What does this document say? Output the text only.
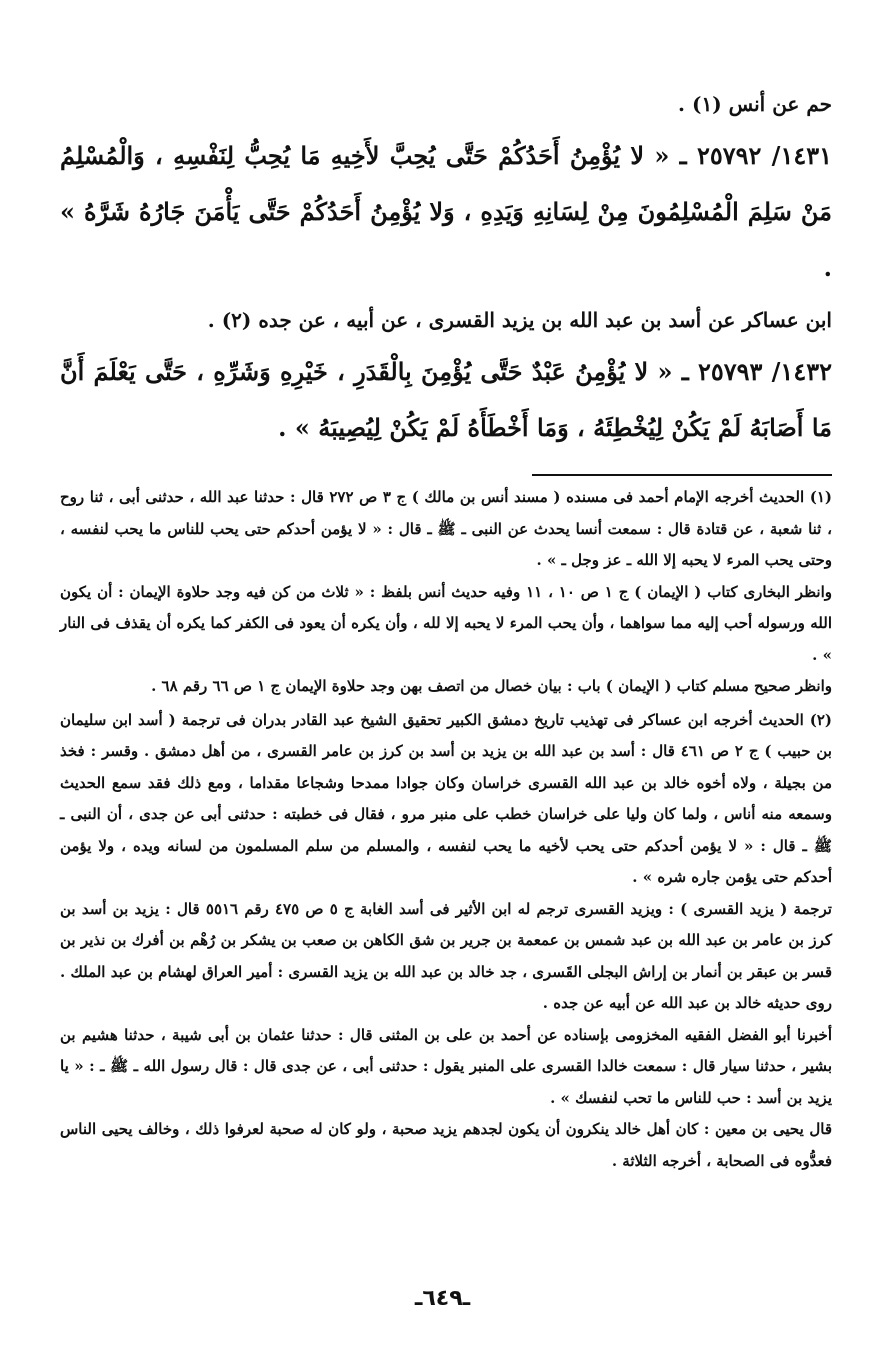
حم عن أنس (١) .

١٤٣١/ ٢٥٧٩٢ ـ « لا يُؤْمِنُ أَحَدُكُمْ حَتَّى يُحِبَّ لأَخِيهِ مَا يُحِبُّ لِنَفْسِهِ ، وَالْمُسْلِمُ مَنْ سَلِمَ الْمُسْلِمُونَ مِنْ لِسَانِهِ وَيَدِهِ ، وَلا يُؤْمِنُ أَحَدُكُمْ حَتَّى يَأْمَنَ جَارُهُ شَرَّهُ » .

ابن عساكر عن أسد بن عبد الله بن يزيد القسرى ، عن أبيه ، عن جده (٢) .

١٤٣٢/ ٢٥٧٩٣ ـ « لا يُؤْمِنُ عَبْدٌ حَتَّى يُؤْمِنَ بِالْقَدَرِ ، خَيْرِهِ وَشَرِّهِ ، حَتَّى يَعْلَمَ أَنَّ مَا أَصَابَهُ لَمْ يَكُنْ لِيُخْطِئَهُ ، وَمَا أَخْطَأَهُ لَمْ يَكُنْ لِيُصِيبَهُ » .

(١) الحديث أخرجه الإمام أحمد فى مسنده ( مسند أنس بن مالك ) ج ٣ ص ٢٧٢ قال : حدثنا عبد الله ، حدثنى أبى ، ثنا روح ، ثنا شعبة ، عن قتادة قال : سمعت أنسا يحدث عن النبى ـ ﷺ ـ قال : « لا يؤمن أحدكم حتى يحب للناس ما يحب لنفسه ، وحتى يحب المرء لا يحبه إلا الله ـ عز وجل ـ » .

وانظر البخارى كتاب ( الإيمان ) ج ١ ص ١٠ ، ١١ وفيه حديث أنس بلفظ : « ثلاث من كن فيه وجد حلاوة الإيمان : أن يكون الله ورسوله أحب إليه مما سواهما ، وأن يحب المرء لا يحبه إلا لله ، وأن يكره أن يعود فى الكفر كما يكره أن يقذف فى النار » .

وانظر صحيح مسلم كتاب ( الإيمان ) باب : بيان خصال من اتصف بهن وجد حلاوة الإيمان ج ١ ص ٦٦ رقم ٦٨ .

(٢) الحديث أخرجه ابن عساكر فى تهذيب تاريخ دمشق الكبير تحقيق الشيخ عبد القادر بدران فى ترجمة ( أسد ابن سليمان بن حبيب ) ج ٢ ص ٤٦١ قال : أسد بن عبد الله بن يزيد بن أسد بن كرز بن عامر القسرى ، من أهل دمشق . وقسر : فخذ من بجيلة ، ولاه أخوه خالد بن عبد الله القسرى خراسان وكان جوادا ممدحا وشجاعا مقداما ، ومع ذلك فقد سمع الحديث وسمعه منه أناس ، ولما كان وليا على خراسان خطب على منبر مرو ، فقال فى خطبته : حدثنى أبى عن جدى ، أن النبى ـ ﷺ ـ قال : « لا يؤمن أحدكم حتى يحب لأخيه ما يحب لنفسه ، والمسلم من سلم المسلمون من لسانه ويده ، ولا يؤمن أحدكم حتى يؤمن جاره شره » .

ترجمة ( يزيد القسرى ) : ويزيد القسرى ترجم له ابن الأثير فى أسد الغابة ج ٥ ص ٤٧٥ رقم ٥٥١٦ قال : يزيد بن أسد بن كرز بن عامر بن عبد الله بن عبد شمس بن عمعمة بن جرير بن شق الكاهن بن صعب بن يشكر بن رُهْم بن أفرك بن نذير بن قسر بن عبقر بن أنمار بن إراش البجلى القَسرى ، جد خالد بن عبد الله بن يزيد القسرى : أمير العراق لهشام بن عبد الملك . روى حديثه خالد بن عبد الله عن أبيه عن جده .

أخبرنا أبو الفضل الفقيه المخزومى بإسناده عن أحمد بن على بن المثنى قال : حدثنا عثمان بن أبى شيبة ، حدثنا هشيم بن بشير ، حدثنا سيار قال : سمعت خالدا القسرى على المنبر يقول : حدثنى أبى ، عن جدى قال : قال رسول الله ـ ﷺ ـ : « يا يزيد بن أسد : حب للناس ما تحب لنفسك » .

قال يحيى بن معين : كان أهل خالد ينكرون أن يكون لجدهم يزيد صحبة ، ولو كان له صحبة لعرفوا ذلك ، وخالف يحيى الناس فعدُّوه فى الصحابة ، أخرجه الثلاثة .

ـ٦٤٩ـ
